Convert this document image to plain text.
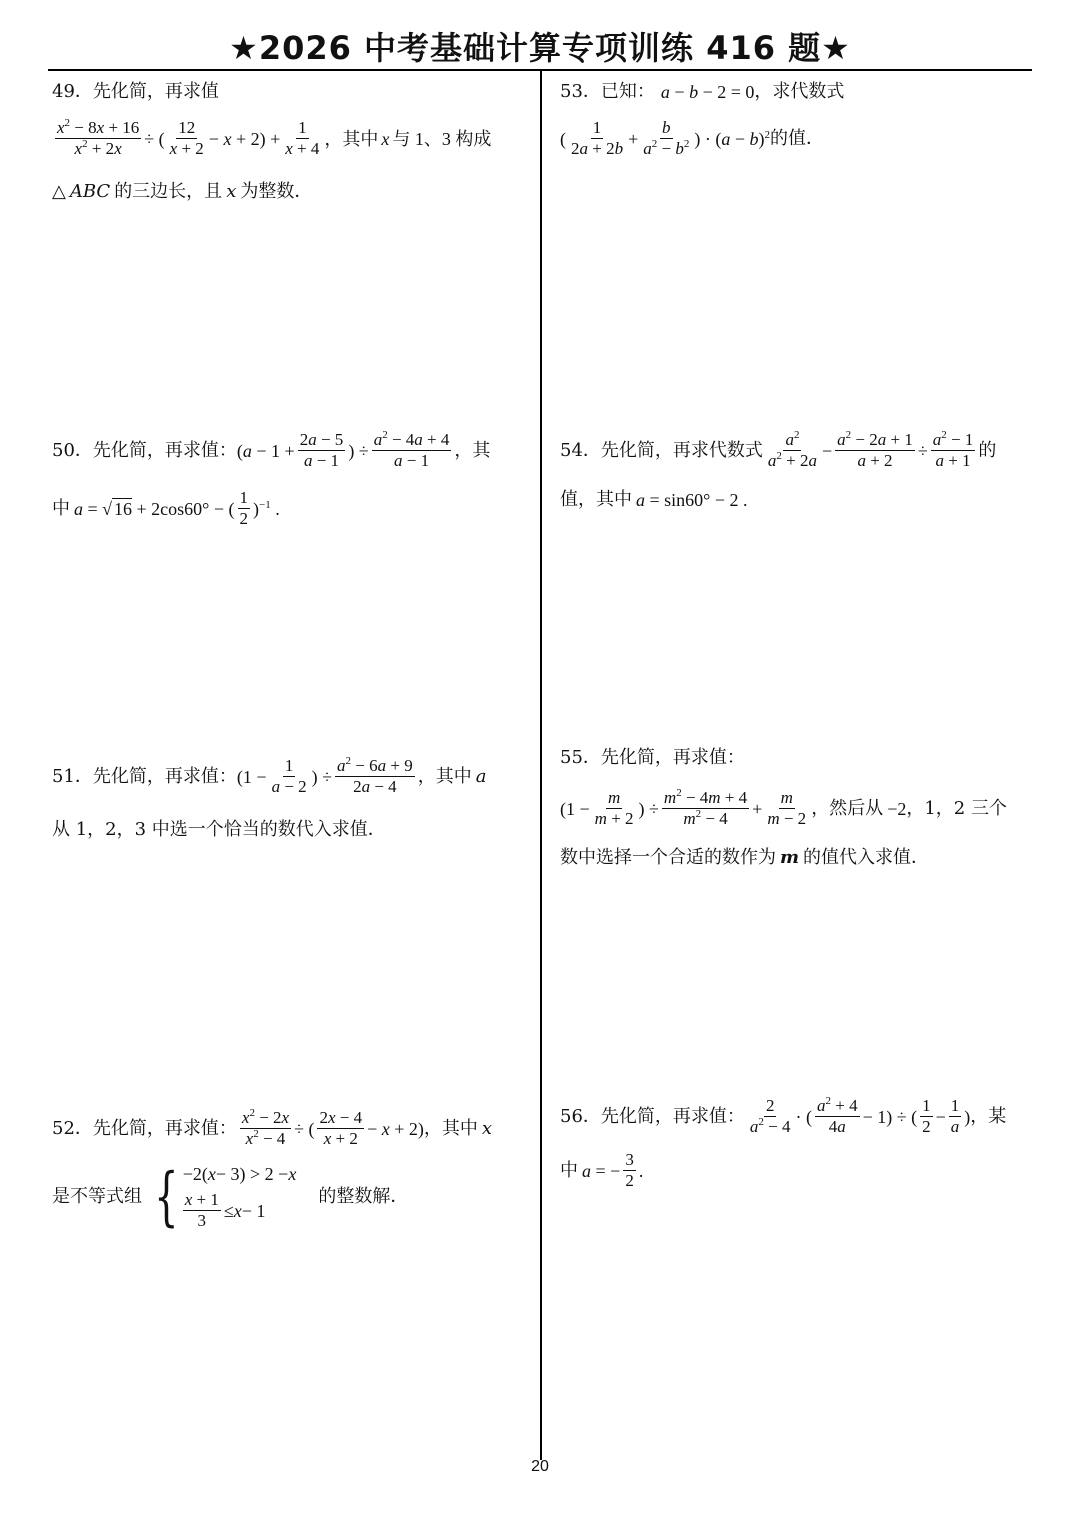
★2026 中考基础计算专项训练 416 题★
49．先化简，再求值
$\frac{x^2 - 8x + 16}{x^2 + 2x}$ ÷ ( $\frac{12}{x + 2} - x + 2) + \frac{1}{x + 4}$ ，其中 x 与 1、3 构成
△ ABC 的三边长，且 x 为整数．
50．先化简，再求值： ($a - 1 + \frac{2a - 5}{a - 1}$ ) ÷ $\frac{a^2 - 4a + 4}{a - 1}$ ，其
中 a = √ 16 + 2cos60° − ( $\frac{1}{2} )^{-1}$ .
51．先化简，再求值： ($1 - \frac{1}{a - 2}$ ) ÷ $\frac{a^2 - 6a + 9}{2a - 4}$ ，其中 a
从 1，2，3 中选一个恰当的数代入求值．
52．先化简，再求值： $\frac{x^2 - 2x}{x^2 - 4}$ ÷ ( $\frac{2x - 4}{x + 2} - x + 2$) ，其中 x
是不等式组 { −2( x − 3) > 2 − x
$\frac{x + 1}{3} \le x - 1$
的整数解．
53．已知： a − b − 2 = 0 ，求代数式
( $\frac{1}{2a + 2b} + \frac{b}{a^2 - b^2}$ ) · $(a - b)^2$ 的值．
54．先化简，再求代数式 $\frac{a^2}{a^2 + 2a} - \frac{a^2 - 2a + 1}{a + 2} \div \frac{a^2 - 1}{a + 1}$ 的
值，其中 a = sin60° − 2 .
55．先化简，再求值：
($1 - \frac{m}{m + 2}$ ) ÷ $\frac{m^2 - 4m + 4}{m^2 - 4} + \frac{m}{m - 2}$ ，然后从 −2 ，1，2 三个
数中选择一个合适的数作为 m 的值代入求值．
56．先化简，再求值： $\frac{2}{a^2 - 4}$ · ( $\frac{a^2 + 4}{4a} - 1$) ÷ ( $\frac{1}{2} - \frac{1}{a}$ ) ，某
中 a = − $\frac{3}{2}$ .
20
